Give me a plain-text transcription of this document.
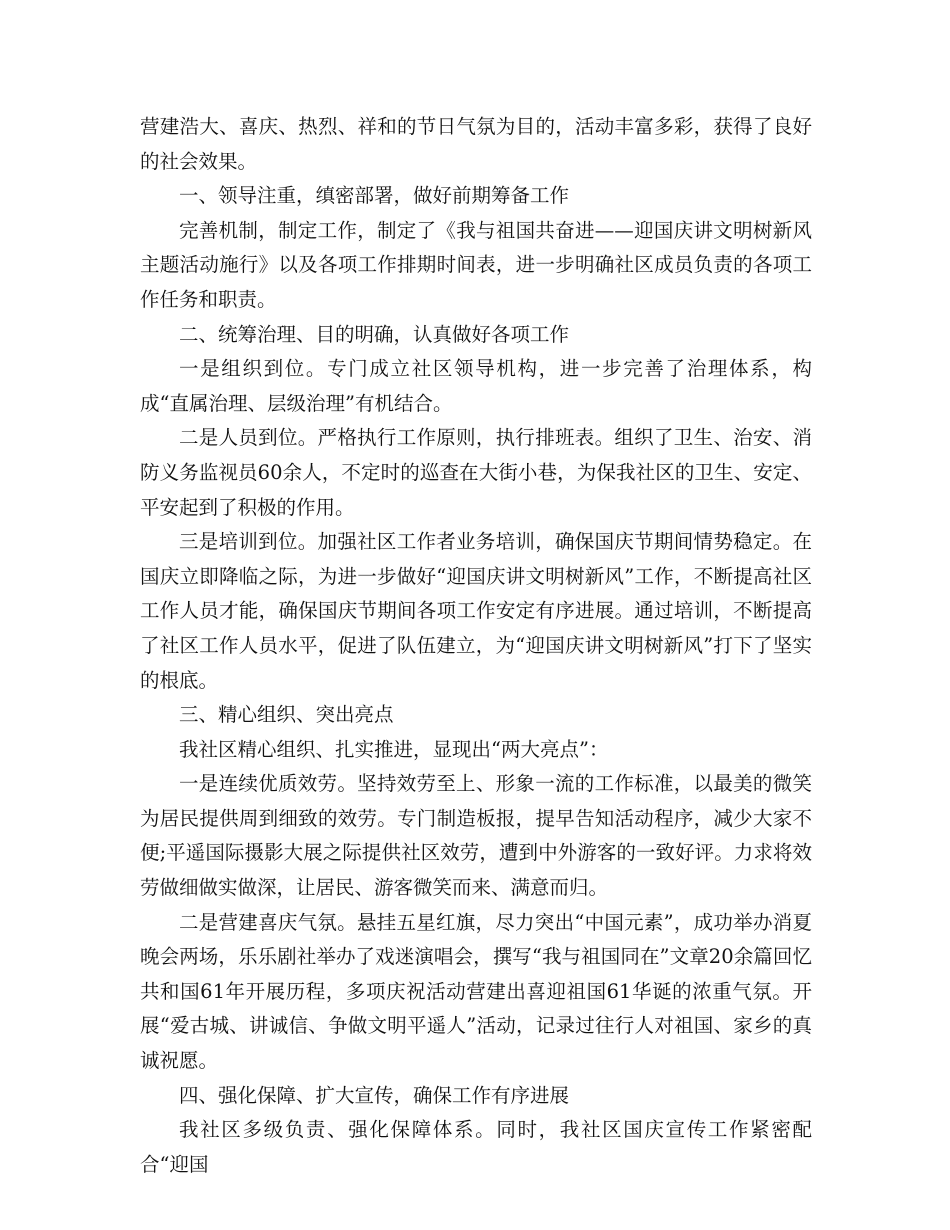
营建浩大、喜庆、热烈、祥和的节日气氛为目的，活动丰富多彩，获得了良好的社会效果。

一、领导注重，缜密部署，做好前期筹备工作

完善机制，制定工作，制定了《我与祖国共奋进——迎国庆讲文明树新风主题活动施行》以及各项工作排期时间表，进一步明确社区成员负责的各项工作任务和职责。

二、统筹治理、目的明确，认真做好各项工作

一是组织到位。专门成立社区领导机构，进一步完善了治理体系，构成“直属治理、层级治理”有机结合。

二是人员到位。严格执行工作原则，执行排班表。组织了卫生、治安、消防义务监视员60余人，不定时的巡查在大街小巷，为保我社区的卫生、安定、平安起到了积极的作用。

三是培训到位。加强社区工作者业务培训，确保国庆节期间情势稳定。在国庆立即降临之际，为进一步做好“迎国庆讲文明树新风”工作，不断提高社区工作人员才能，确保国庆节期间各项工作安定有序进展。通过培训，不断提高了社区工作人员水平，促进了队伍建立，为“迎国庆讲文明树新风”打下了坚实的根底。

三、精心组织、突出亮点

我社区精心组织、扎实推进，显现出“两大亮点”：

一是连续优质效劳。坚持效劳至上、形象一流的工作标准，以最美的微笑为居民提供周到细致的效劳。专门制造板报，提早告知活动程序，减少大家不便;平遥国际摄影大展之际提供社区效劳，遭到中外游客的一致好评。力求将效劳做细做实做深，让居民、游客微笑而来、满意而归。

二是营建喜庆气氛。悬挂五星红旗，尽力突出“中国元素”，成功举办消夏晚会两场，乐乐剧社举办了戏迷演唱会，撰写“我与祖国同在”文章20余篇回忆共和国61年开展历程，多项庆祝活动营建出喜迎祖国61华诞的浓重气氛。开展“爱古城、讲诚信、争做文明平遥人”活动，记录过往行人对祖国、家乡的真诚祝愿。

四、强化保障、扩大宣传，确保工作有序进展

我社区多级负责、强化保障体系。同时，我社区国庆宣传工作紧密配合“迎国
